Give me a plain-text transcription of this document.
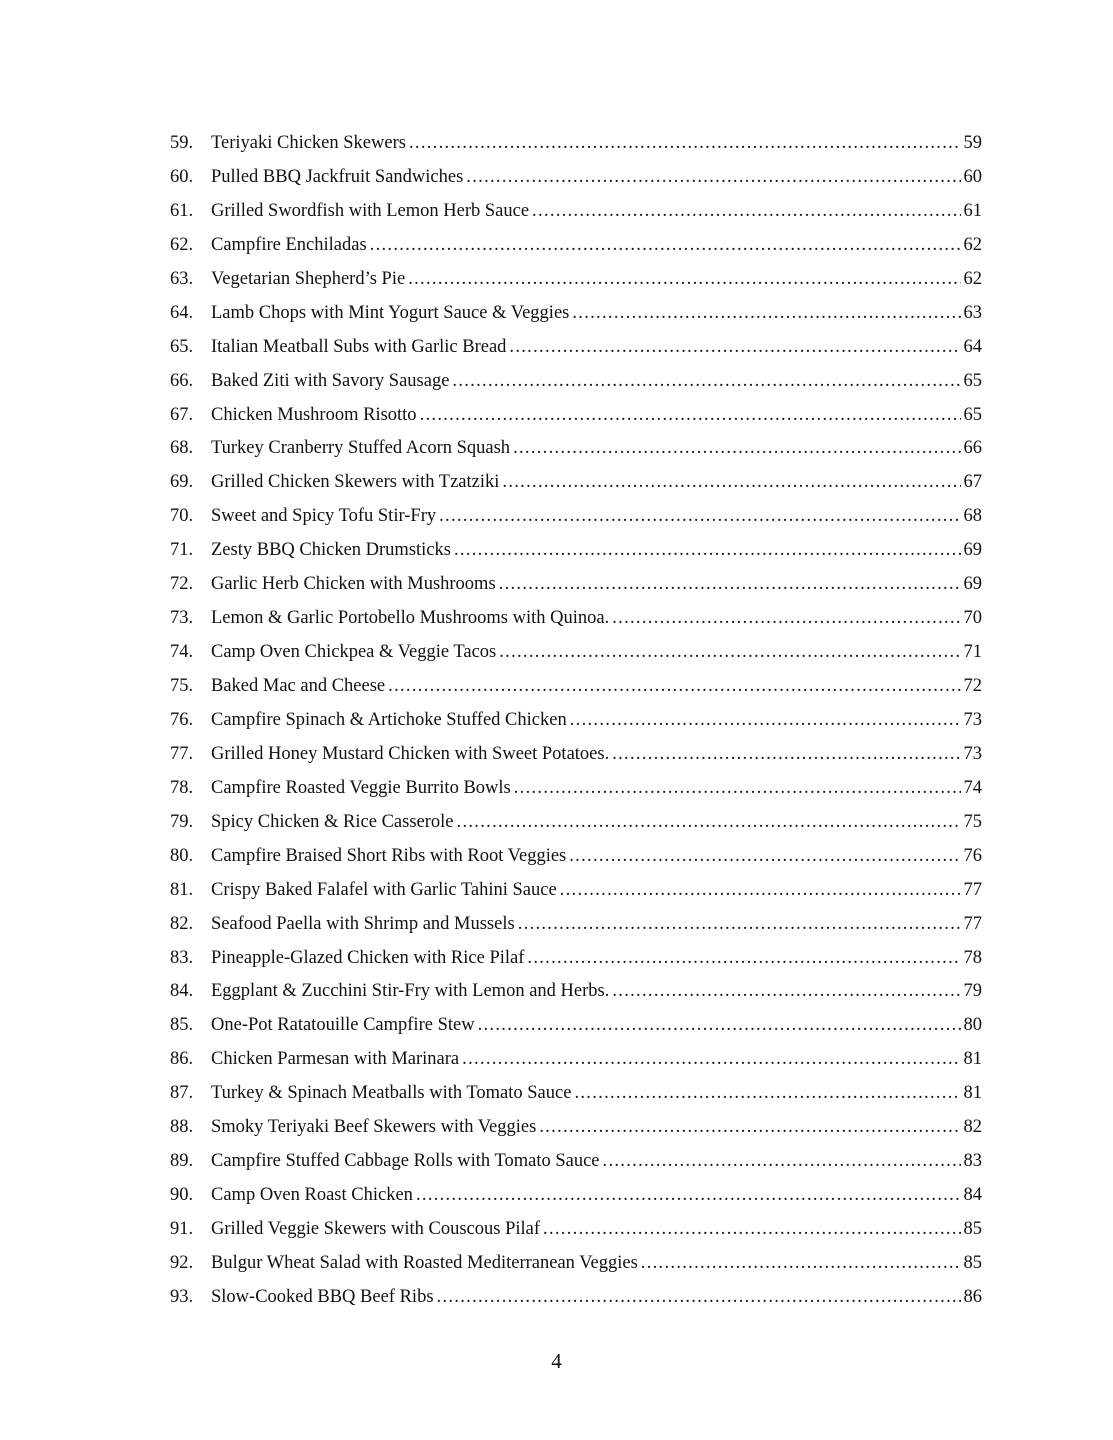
59. Teriyaki Chicken Skewers .....	59
60. Pulled BBQ Jackfruit Sandwiches .....	60
61. Grilled Swordfish with Lemon Herb Sauce .....	61
62. Campfire Enchiladas .....	62
63. Vegetarian Shepherd’s Pie .....	62
64. Lamb Chops with Mint Yogurt Sauce & Veggies .....	63
65. Italian Meatball Subs with Garlic Bread .....	64
66. Baked Ziti with Savory Sausage .....	65
67. Chicken Mushroom Risotto .....	65
68. Turkey Cranberry Stuffed Acorn Squash .....	66
69. Grilled Chicken Skewers with Tzatziki .....	67
70. Sweet and Spicy Tofu Stir-Fry .....	68
71. Zesty BBQ Chicken Drumsticks .....	69
72. Garlic Herb Chicken with Mushrooms .....	69
73. Lemon & Garlic Portobello Mushrooms with Quinoa. .....	70
74. Camp Oven Chickpea & Veggie Tacos .....	71
75. Baked Mac and Cheese .....	72
76. Campfire Spinach & Artichoke Stuffed Chicken .....	73
77. Grilled Honey Mustard Chicken with Sweet Potatoes. .....	73
78. Campfire Roasted Veggie Burrito Bowls .....	74
79. Spicy Chicken & Rice Casserole .....	75
80. Campfire Braised Short Ribs with Root Veggies .....	76
81. Crispy Baked Falafel with Garlic Tahini Sauce .....	77
82. Seafood Paella with Shrimp and Mussels .....	77
83. Pineapple-Glazed Chicken with Rice Pilaf .....	78
84. Eggplant & Zucchini Stir-Fry with Lemon and Herbs. .....	79
85. One-Pot Ratatouille Campfire Stew .....	80
86. Chicken Parmesan with Marinara .....	81
87. Turkey & Spinach Meatballs with Tomato Sauce .....	81
88. Smoky Teriyaki Beef Skewers with Veggies .....	82
89. Campfire Stuffed Cabbage Rolls with Tomato Sauce .....	83
90. Camp Oven Roast Chicken .....	84
91. Grilled Veggie Skewers with Couscous Pilaf .....	85
92. Bulgur Wheat Salad with Roasted Mediterranean Veggies .....	85
93. Slow-Cooked BBQ Beef Ribs .....	86
4
